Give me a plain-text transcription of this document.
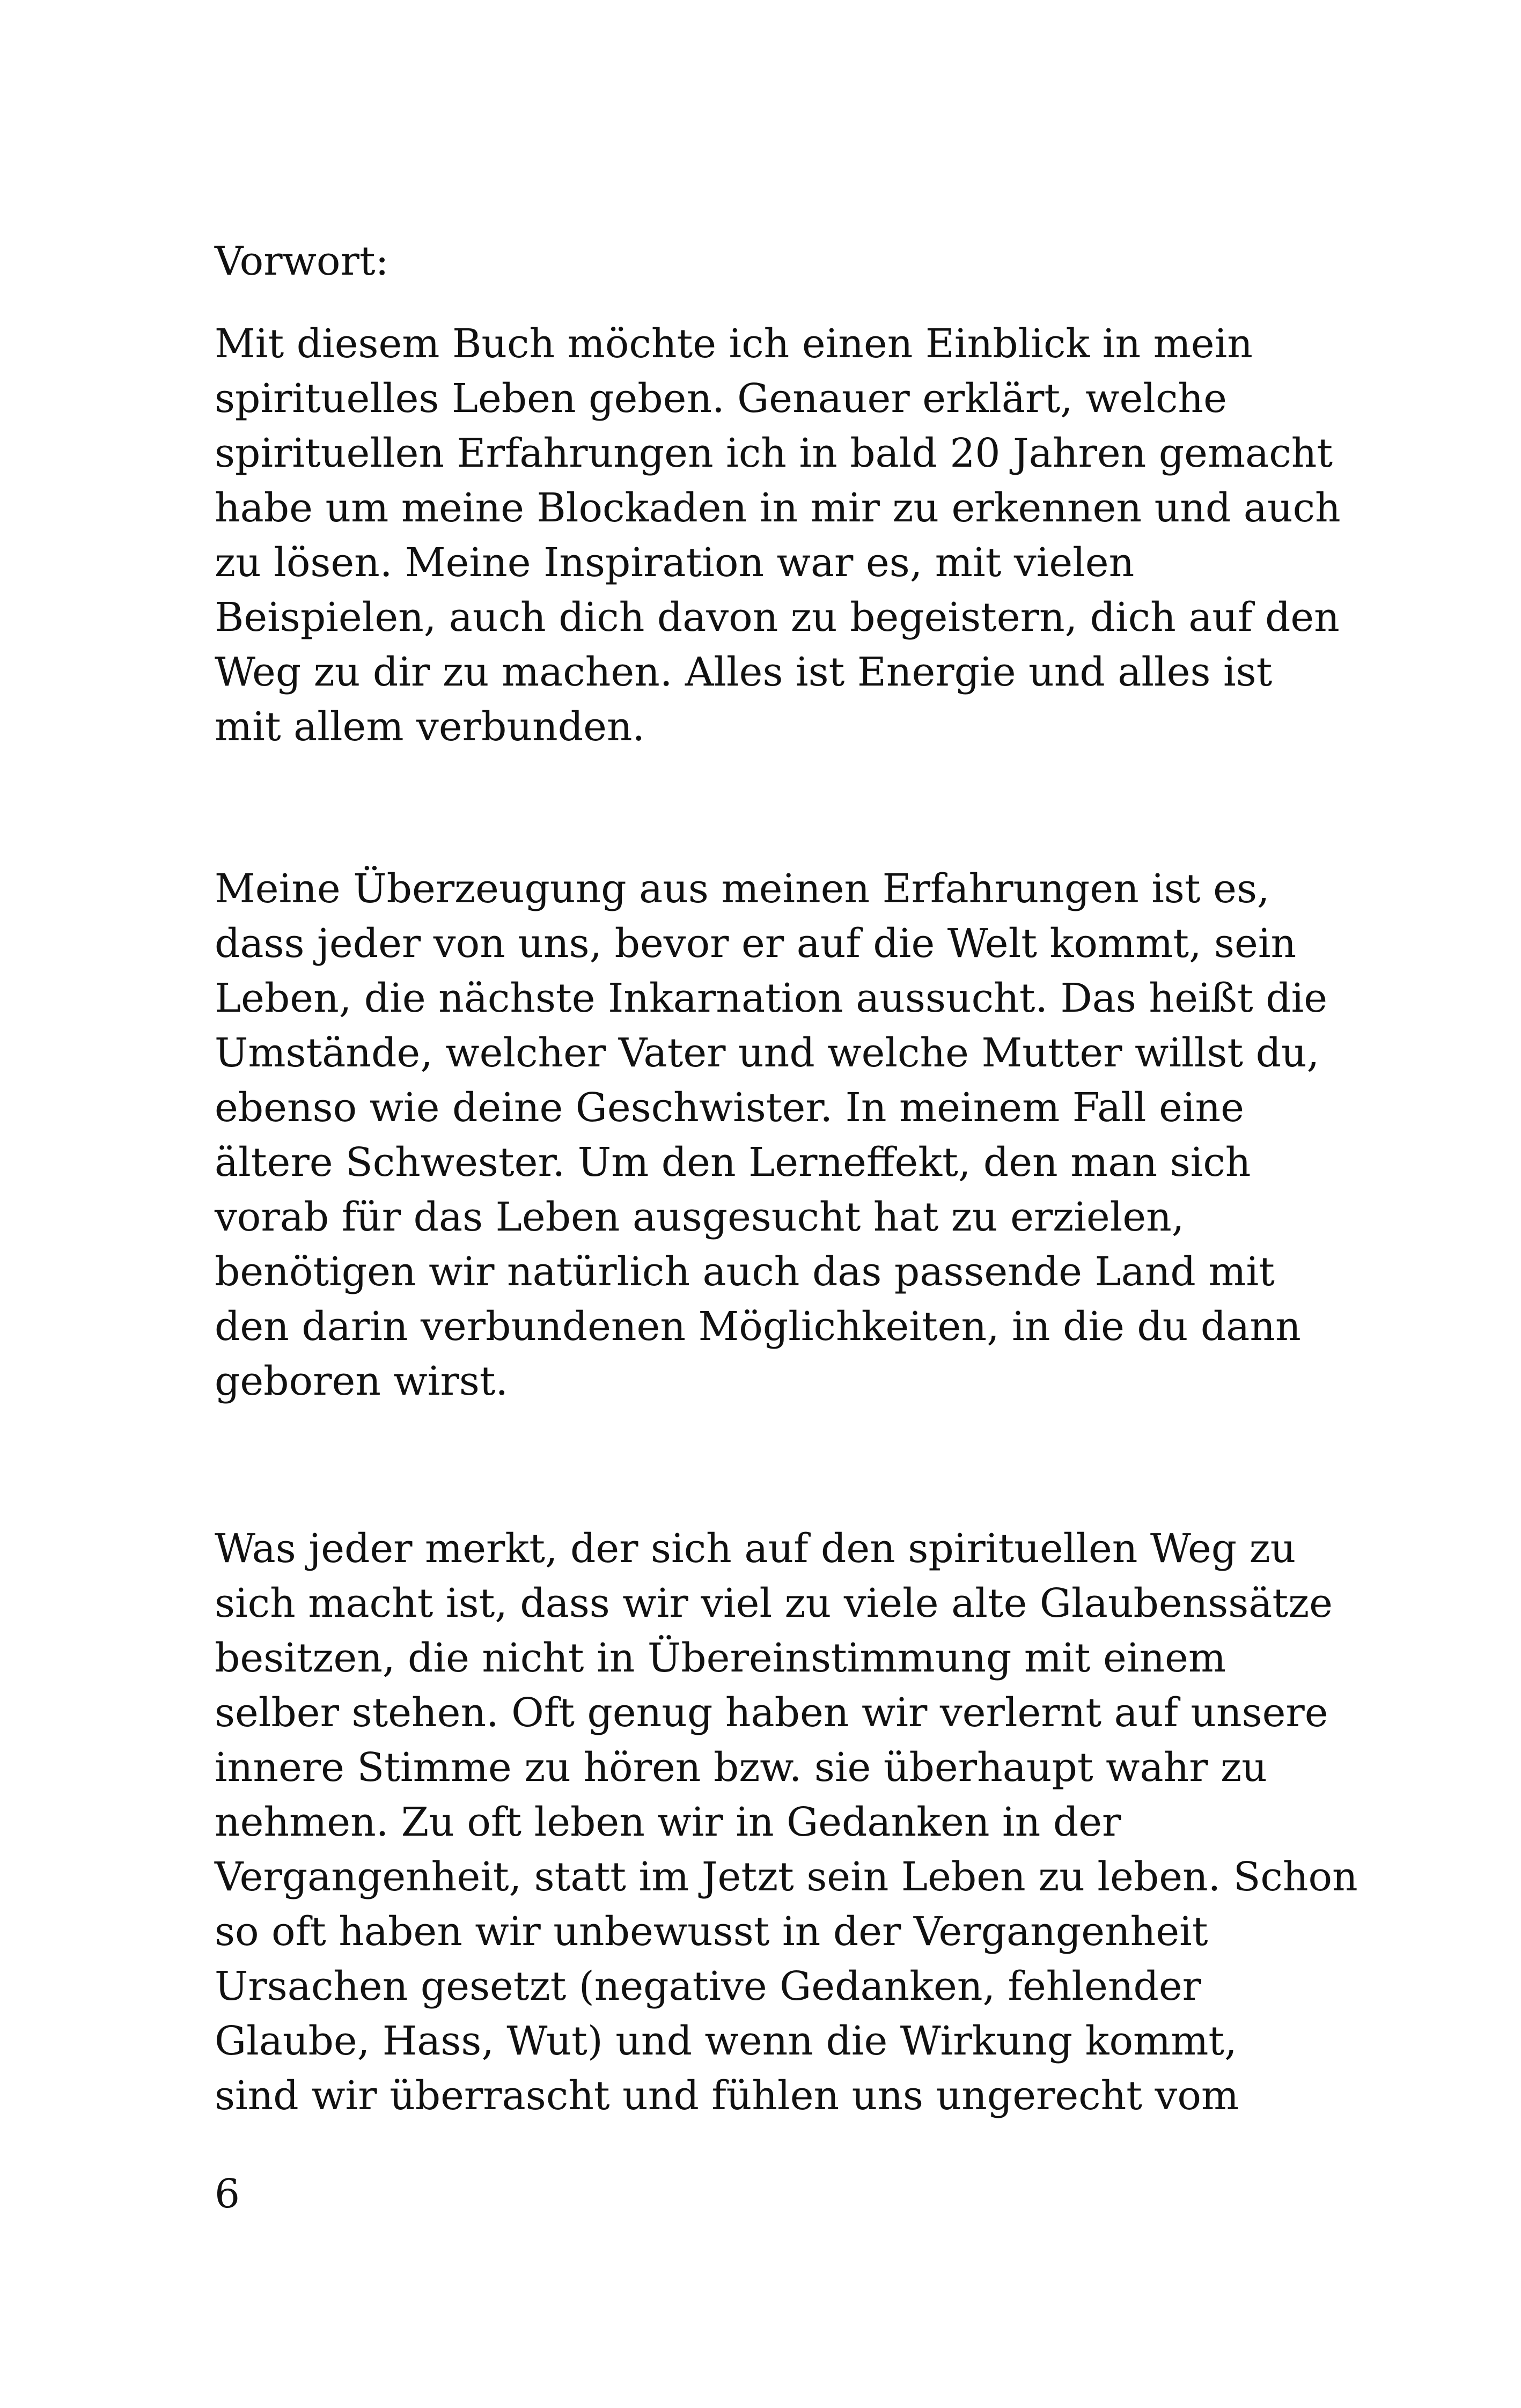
Vorwort:
Mit diesem Buch möchte ich einen Einblick in mein
spirituelles Leben geben. Genauer erklärt, welche
spirituellen Erfahrungen ich in bald 20 Jahren gemacht
habe um meine Blockaden in mir zu erkennen und auch
zu lösen. Meine Inspiration war es, mit vielen
Beispielen, auch dich davon zu begeistern, dich auf den
Weg zu dir zu machen. Alles ist Energie und alles ist
mit allem verbunden.
Meine Überzeugung aus meinen Erfahrungen ist es,
dass jeder von uns, bevor er auf die Welt kommt, sein
Leben, die nächste Inkarnation aussucht. Das heißt die
Umstände, welcher Vater und welche Mutter willst du,
ebenso wie deine Geschwister. In meinem Fall eine
ältere Schwester. Um den Lerneffekt, den man sich
vorab für das Leben ausgesucht hat zu erzielen,
benötigen wir natürlich auch das passende Land mit
den darin verbundenen Möglichkeiten, in die du dann
geboren wirst.
Was jeder merkt, der sich auf den spirituellen Weg zu
sich macht ist, dass wir viel zu viele alte Glaubenssätze
besitzen, die nicht in Übereinstimmung mit einem
selber stehen. Oft genug haben wir verlernt auf unsere
innere Stimme zu hören bzw. sie überhaupt wahr zu
nehmen. Zu oft leben wir in Gedanken in der
Vergangenheit, statt im Jetzt sein Leben zu leben. Schon
so oft haben wir unbewusst in der Vergangenheit
Ursachen gesetzt (negative Gedanken, fehlender
Glaube, Hass, Wut) und wenn die Wirkung kommt,
sind wir überrascht und fühlen uns ungerecht vom
6
